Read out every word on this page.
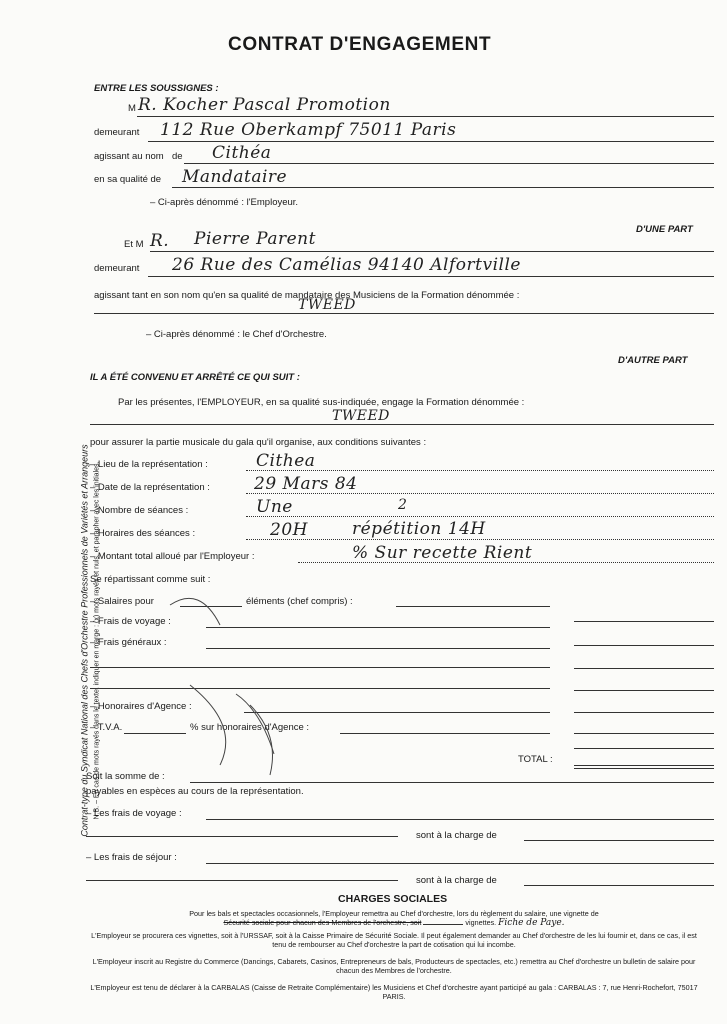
CONTRAT D'ENGAGEMENT
Contrat-type du Syndicat National des Chefs d'Orchestre Professionnels de Variétés et Arrangeurs N.B. – En cas de mots rayés dans le texte, indiquer en marge : (x) mots rayés et nuls, et parapher avec les initiales.
ENTRE LES SOUSSIGNES :
M R. Kocher Pascal Promotion
demeurant 112 Rue Oberkampf 75011 Paris
agissant au nom de Cithéa
en sa qualité de Mandataire
– Ci-après dénommé : l'Employeur.
D'UNE PART
Et M R. Pierre Parent
demeurant 26 Rue des Camélias 94140 Alfortville
agissant tant en son nom qu'en sa qualité de mandataire des Musiciens de la Formation dénommée :
TWEED
– Ci-après dénommé : le Chef d'Orchestre.
D'AUTRE PART
IL A ÉTÉ CONVENU ET ARRÊTÉ CE QUI SUIT :
Par les présentes, l'EMPLOYEUR, en sa qualité sus-indiquée, engage la Formation dénommée :
TWEED
pour assurer la partie musicale du gala qu'il organise, aux conditions suivantes :
– Lieu de la représentation :	Cithea
– Date de la représentation :	29 Mars 84
– Nombre de séances :	Une	2
– Horaires des séances :	20H	répétition 14H
– Montant total alloué par l'Employeur :	% Sur recette Rient
Se répartissant comme suit :
– Salaires pour	éléments (chef compris) :
– Frais de voyage :
– Frais généraux :
– Honoraires d'Agence :
– T.V.A.	% sur honoraires d'Agence :
TOTAL :
Soit la somme de :
payables en espèces au cours de la représentation.
– Les frais de voyage :
sont à la charge de
– Les frais de séjour :
sont à la charge de
CHARGES SOCIALES
Pour les bals et spectacles occasionnels, l'Employeur remettra au Chef d'orchestre, lors du règlement du salaire, une vignette de
Sécurité sociale pour chacun des Membres de l'orchestre, soit	vignettes. Fiche de Paye.
L'Employeur se procurera ces vignettes, soit à l'URSSAF, soit à la Caisse Primaire de Sécurité Sociale. Il peut également demander au Chef d'orchestre de les lui fournir et, dans ce cas, il est tenu de rembourser au Chef d'orchestre la part de cotisation qui lui incombe.
L'Employeur inscrit au Registre du Commerce (Dancings, Cabarets, Casinos, Entrepreneurs de bals, Producteurs de spectacles, etc.) remettra au Chef d'orchestre un bulletin de salaire pour chacun des Membres de l'orchestre.
L'Employeur est tenu de déclarer à la CARBALAS (Caisse de Retraite Complémentaire) les Musiciens et Chef d'orchestre ayant participé au gala : CARBALAS : 7, rue Henri-Rochefort, 75017 PARIS.
